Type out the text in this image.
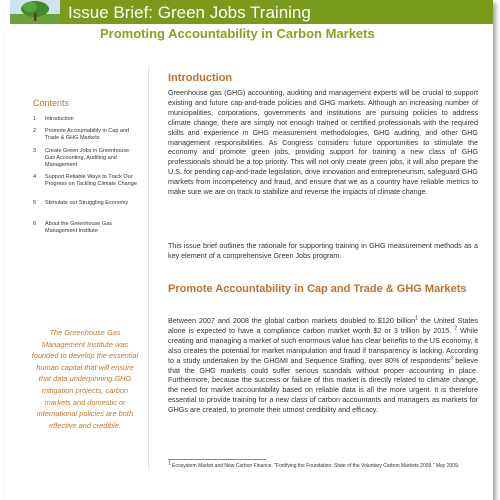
Issue Brief: Green Jobs Training
Promoting Accountability in Carbon Markets
Contents
1	Introduction
2	Promote Accountability in Cap and Trade & GHG Markets
3	Create Green Jobs in Greenhouse Gas Accounting, Auditing and Management
4	Support Reliable Ways to Track Our Progress on Tackling Climate Change
5	Stimulate our Struggling Economy
6	About the Greenhouse Gas Management Institute
The Greenhouse Gas Management Institute was founded to develop the essential human capital that will ensure that data underpinning GHG mitigation projects, carbon markets and domestic or international policies are both effective and credible.
Introduction
Greenhouse gas (GHG) accounting, auditing and management experts will be crucial to support existing and future cap-and-trade policies and GHG markets. Although an increasing number of municipalities, corporations, governments and institutions are pursuing policies to address climate change, there are simply not enough trained or certified professionals with the required skills and experience in GHG measurement methodologies, GHG auditing, and other GHG management responsibilities. As Congress considers future opportunities to stimulate the economy and promote green jobs, providing support for training a new class of GHG professionals should be a top priority. This will not only create green jobs, it will also prepare the U.S. for pending cap-and-trade legislation, drive innovation and entrepreneurism, safeguard GHG markets from incompetency and fraud, and ensure that we as a country have reliable metrics to make sure we are on track to stabilize and reverse the impacts of climate change.
This issue brief outlines the rationale for supporting training in GHG measurement methods as a key element of a comprehensive Green Jobs program.
Promote Accountability in Cap and Trade & GHG Markets
Between 2007 and 2008 the global carbon markets doubled to $120 billion$^1$ the United States alone is expected to have a compliance carbon market worth $2 or 3 trillion by 2015. $^2$ While creating and managing a market of such enormous value has clear benefits to the US economy, it also creates the potential for market manipulation and fraud if transparency is lacking. According to a study undertaken by the GHGMI and Sequence Staffing, over 80% of respondents$^3$ believe that the GHG markets could suffer serious scandals without proper accounting in place. Furthermore, because the success or failure of this market is directly related to climate change, the need for market accountability based on reliable data is all the more urgent. It is therefore essential to provide training for a new class of carbon accountants and managers as markets for GHGs are created, to promote their utmost credibility and efficacy.
$^1$ Ecosystem Market and New Carbon Finance. "Fortifying the Foundation: State of the Voluntary Carbon Markets 2009." May 2009.
